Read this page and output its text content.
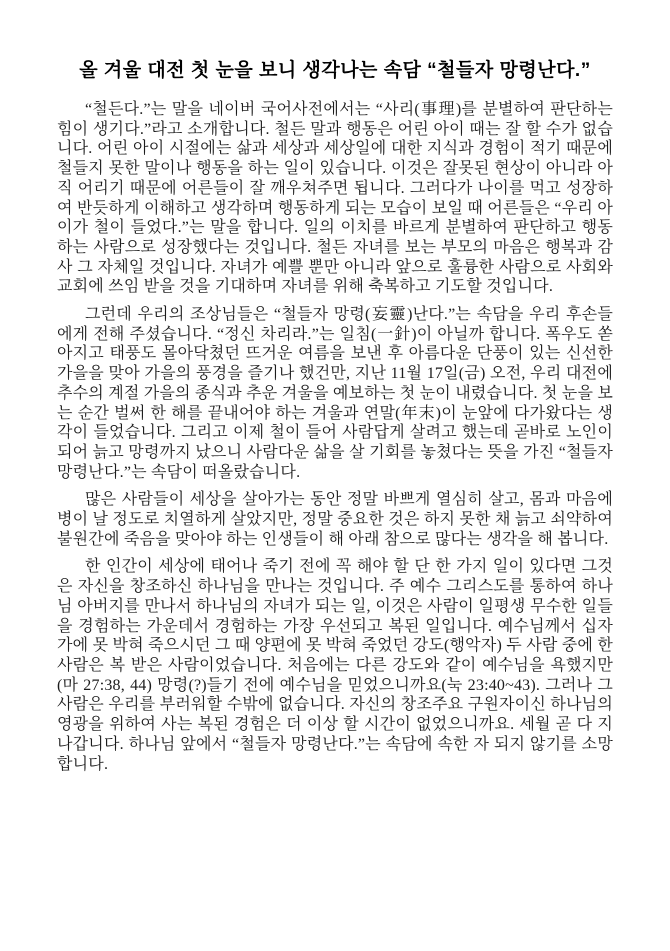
올 겨울 대전 첫 눈을 보니 생각나는 속담 “철들자 망령난다.”

“철든다.”는 말을 네이버 국어사전에서는 “사리(事理)를 분별하여 판단하는 힘이 생기다.”라고 소개합니다. 철든 말과 행동은 어린 아이 때는 잘 할 수가 없습니다. 어린 아이 시절에는 삶과 세상과 세상일에 대한 지식과 경험이 적기 때문에 철들지 못한 말이나 행동을 하는 일이 있습니다. 이것은 잘못된 현상이 아니라 아직 어리기 때문에 어른들이 잘 깨우쳐주면 됩니다. 그러다가 나이를 먹고 성장하여 반듯하게 이해하고 생각하며 행동하게 되는 모습이 보일 때 어른들은 “우리 아이가 철이 들었다.”는 말을 합니다. 일의 이치를 바르게 분별하여 판단하고 행동하는 사람으로 성장했다는 것입니다. 철든 자녀를 보는 부모의 마음은 행복과 감사 그 자체일 것입니다. 자녀가 예쁠 뿐만 아니라 앞으로 훌륭한 사람으로 사회와 교회에 쓰임 받을 것을 기대하며 자녀를 위해 축복하고 기도할 것입니다.

그런데 우리의 조상님들은 “철들자 망령(妄靈)난다.”는 속담을 우리 후손들에게 전해 주셨습니다. “정신 차리라.”는 일침(一針)이 아닐까 합니다. 폭우도 쏟아지고 태풍도 몰아닥쳤던 뜨거운 여름을 보낸 후 아름다운 단풍이 있는 신선한 가을을 맞아 가을의 풍경을 즐기나 했건만, 지난 11월 17일(금) 오전, 우리 대전에 추수의 계절 가을의 종식과 추운 겨울을 예보하는 첫 눈이 내렸습니다. 첫 눈을 보는 순간 벌써 한 해를 끝내어야 하는 겨울과 연말(年末)이 눈앞에 다가왔다는 생각이 들었습니다. 그리고 이제 철이 들어 사람답게 살려고 했는데 곧바로 노인이 되어 늙고 망령까지 났으니 사람다운 삶을 살 기회를 놓쳤다는 뜻을 가진 “철들자 망령난다.”는 속담이 떠올랐습니다.

많은 사람들이 세상을 살아가는 동안 정말 바쁘게 열심히 살고, 몸과 마음에 병이 날 정도로 치열하게 살았지만, 정말 중요한 것은 하지 못한 채 늙고 쇠약하여 불원간에 죽음을 맞아야 하는 인생들이 해 아래 참으로 많다는 생각을 해 봅니다.

한 인간이 세상에 태어나 죽기 전에 꼭 해야 할 단 한 가지 일이 있다면 그것은 자신을 창조하신 하나님을 만나는 것입니다. 주 예수 그리스도를 통하여 하나님 아버지를 만나서 하나님의 자녀가 되는 일, 이것은 사람이 일평생 무수한 일들을 경험하는 가운데서 경험하는 가장 우선되고 복된 일입니다. 예수님께서 십자가에 못 박혀 죽으시던 그 때 양편에 못 박혀 죽었던 강도(행악자) 두 사람 중에 한 사람은 복 받은 사람이었습니다. 처음에는 다른 강도와 같이 예수님을 욕했지만(마 27:38, 44) 망령(?)들기 전에 예수님을 믿었으니까요(눅 23:40~43). 그러나 그 사람은 우리를 부러워할 수밖에 없습니다. 자신의 창조주요 구원자이신 하나님의 영광을 위하여 사는 복된 경험은 더 이상 할 시간이 없었으니까요. 세월 곧 다 지나갑니다. 하나님 앞에서 “철들자 망령난다.”는 속담에 속한 자 되지 않기를 소망합니다.
